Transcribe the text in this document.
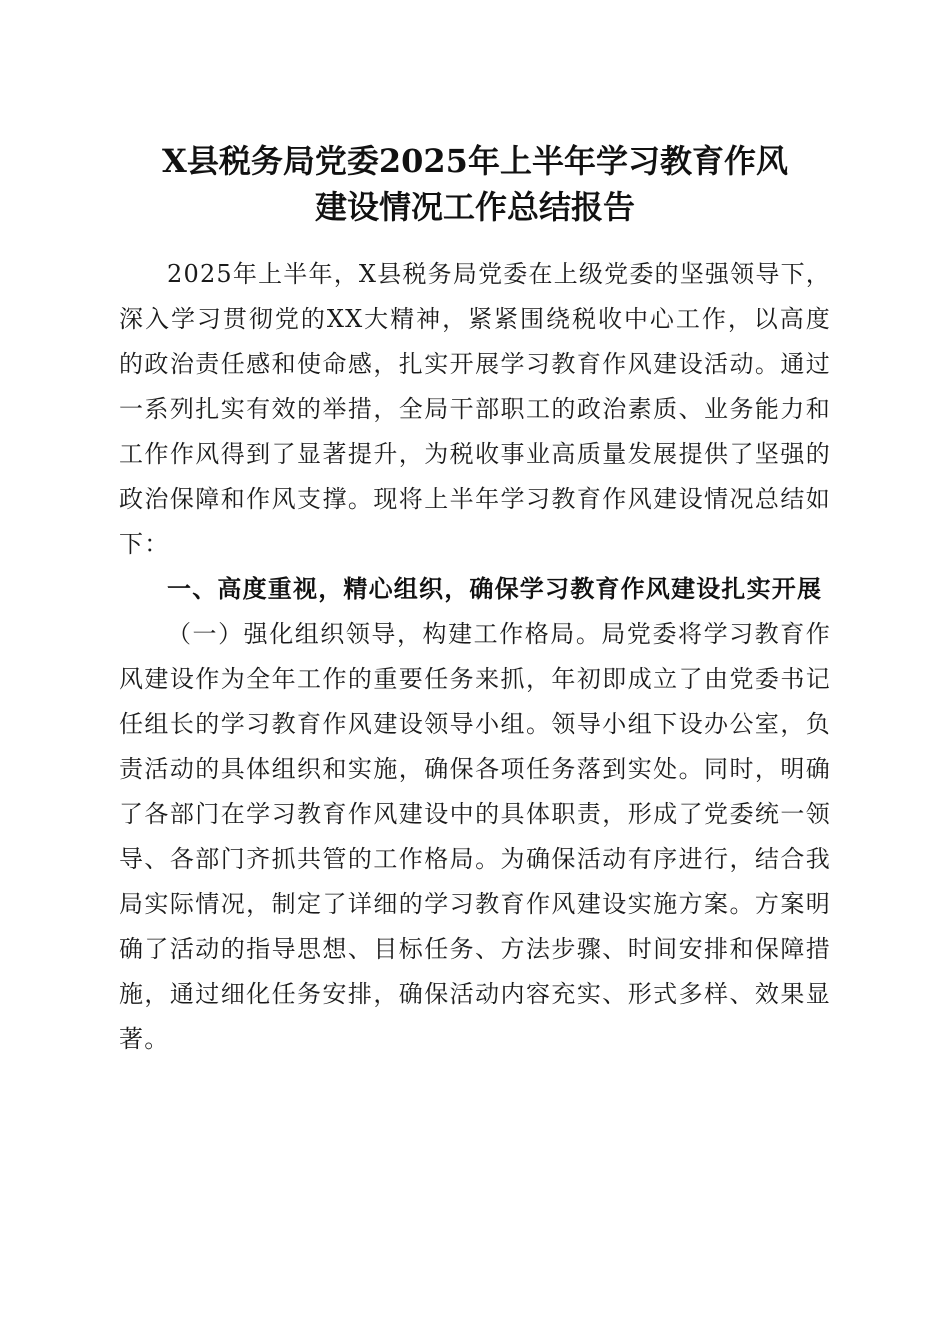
X县税务局党委2025年上半年学习教育作风
建设情况工作总结报告

2025年上半年，X县税务局党委在上级党委的坚强领导下，深入学习贯彻党的XX大精神，紧紧围绕税收中心工作，以高度的政治责任感和使命感，扎实开展学习教育作风建设活动。通过一系列扎实有效的举措，全局干部职工的政治素质、业务能力和工作作风得到了显著提升，为税收事业高质量发展提供了坚强的政治保障和作风支撑。现将上半年学习教育作风建设情况总结如下：

一、高度重视，精心组织，确保学习教育作风建设扎实开展

（一）强化组织领导，构建工作格局。局党委将学习教育作风建设作为全年工作的重要任务来抓，年初即成立了由党委书记任组长的学习教育作风建设领导小组。领导小组下设办公室，负责活动的具体组织和实施，确保各项任务落到实处。同时，明确了各部门在学习教育作风建设中的具体职责，形成了党委统一领导、各部门齐抓共管的工作格局。为确保活动有序进行，结合我局实际情况，制定了详细的学习教育作风建设实施方案。方案明确了活动的指导思想、目标任务、方法步骤、时间安排和保障措施，通过细化任务安排，确保活动内容充实、形式多样、效果显著。
